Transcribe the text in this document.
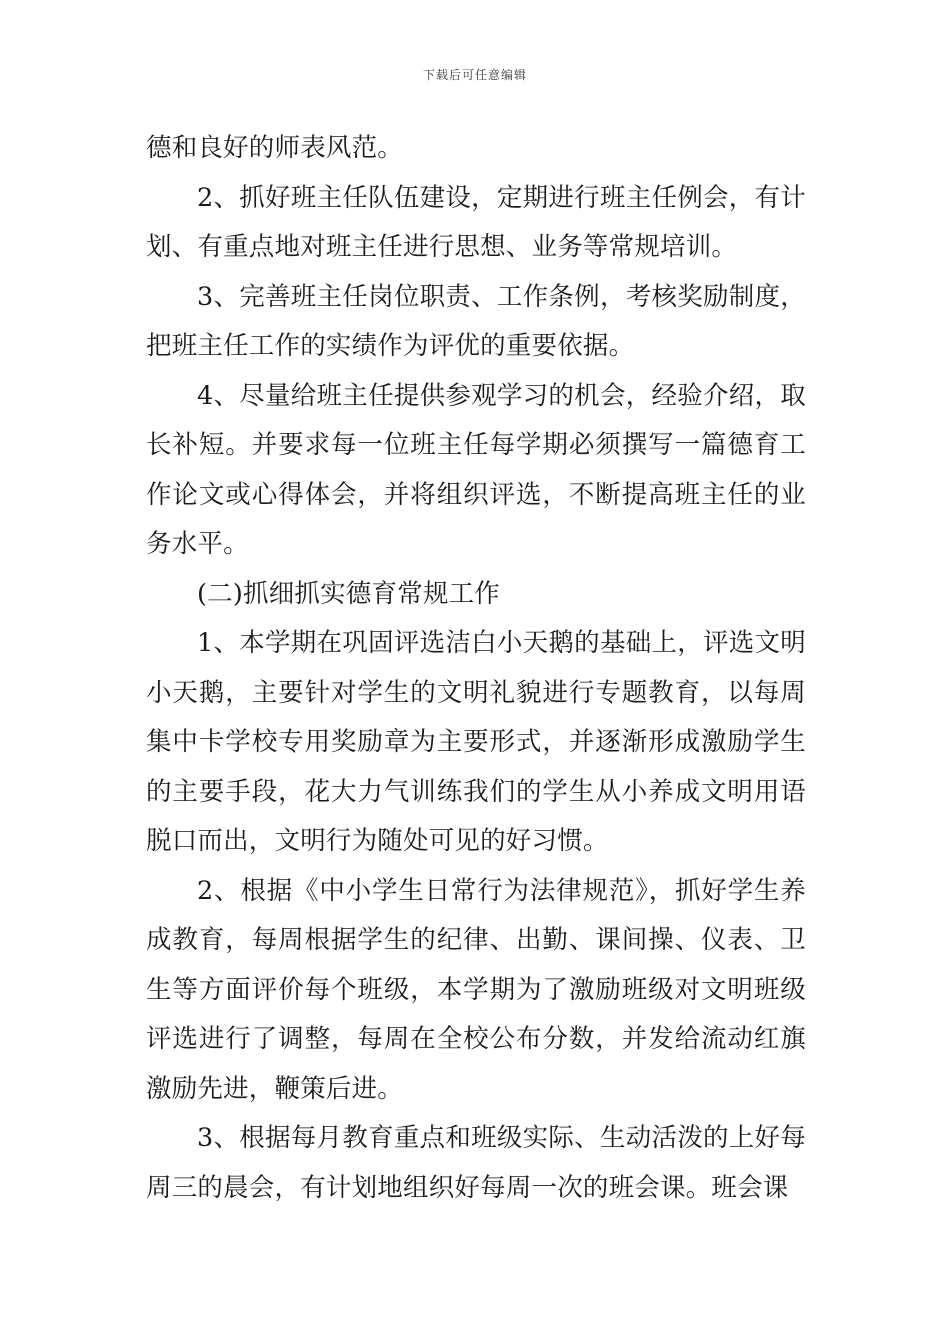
下载后可任意编辑

德和良好的师表风范。

2、抓好班主任队伍建设，定期进行班主任例会，有计划、有重点地对班主任进行思想、业务等常规培训。

3、完善班主任岗位职责、工作条例，考核奖励制度，把班主任工作的实绩作为评优的重要依据。

4、尽量给班主任提供参观学习的机会，经验介绍，取长补短。并要求每一位班主任每学期必须撰写一篇德育工作论文或心得体会，并将组织评选，不断提高班主任的业务水平。

(二)抓细抓实德育常规工作

1、本学期在巩固评选洁白小天鹅的基础上，评选文明小天鹅，主要针对学生的文明礼貌进行专题教育，以每周集中卡学校专用奖励章为主要形式，并逐渐形成激励学生的主要手段，花大力气训练我们的学生从小养成文明用语脱口而出，文明行为随处可见的好习惯。

2、根据《中小学生日常行为法律规范》，抓好学生养成教育，每周根据学生的纪律、出勤、课间操、仪表、卫生等方面评价每个班级，本学期为了激励班级对文明班级评选进行了调整，每周在全校公布分数，并发给流动红旗激励先进，鞭策后进。

3、根据每月教育重点和班级实际、生动活泼的上好每周三的晨会，有计划地组织好每周一次的班会课。班会课
